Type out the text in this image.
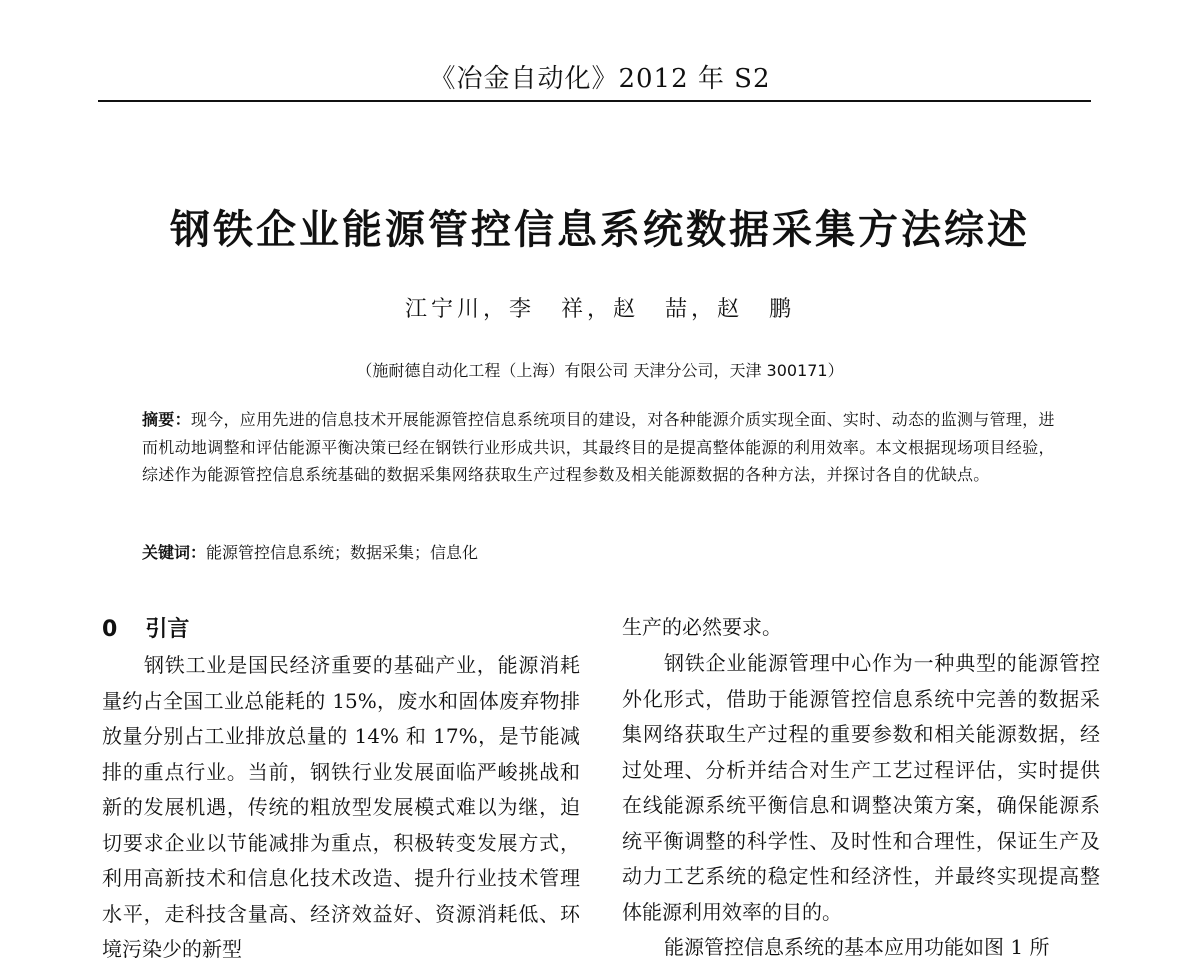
《冶金自动化》2012 年 S2
钢铁企业能源管控信息系统数据采集方法综述
江宁川，李　祥，赵　喆，赵　鹏
（施耐德自动化工程（上海）有限公司 天津分公司，天津 300171）
摘要：现今，应用先进的信息技术开展能源管控信息系统项目的建设，对各种能源介质实现全面、实时、动态的监测与管理，进而机动地调整和评估能源平衡决策已经在钢铁行业形成共识，其最终目的是提高整体能源的利用效率。本文根据现场项目经验，综述作为能源管控信息系统基础的数据采集网络获取生产过程参数及相关能源数据的各种方法，并探讨各自的优缺点。
关键词：能源管控信息系统；数据采集；信息化
0 引言
钢铁工业是国民经济重要的基础产业，能源消耗量约占全国工业总能耗的 15%，废水和固体废弃物排放量分别占工业排放总量的 14% 和 17%，是节能减排的重点行业。当前，钢铁行业发展面临严峻挑战和新的发展机遇，传统的粗放型发展模式难以为继，迫切要求企业以节能减排为重点，积极转变发展方式，利用高新技术和信息化技术改造、提升行业技术管理水平，走科技含量高、经济效益好、资源消耗低、环境污染少的新型
生产的必然要求。
钢铁企业能源管理中心作为一种典型的能源管控外化形式，借助于能源管控信息系统中完善的数据采集网络获取生产过程的重要参数和相关能源数据，经过处理、分析并结合对生产工艺过程评估，实时提供在线能源系统平衡信息和调整决策方案，确保能源系统平衡调整的科学性、及时性和合理性，保证生产及动力工艺系统的稳定性和经济性，并最终实现提高整体能源利用效率的目的。
能源管控信息系统的基本应用功能如图 1 所
